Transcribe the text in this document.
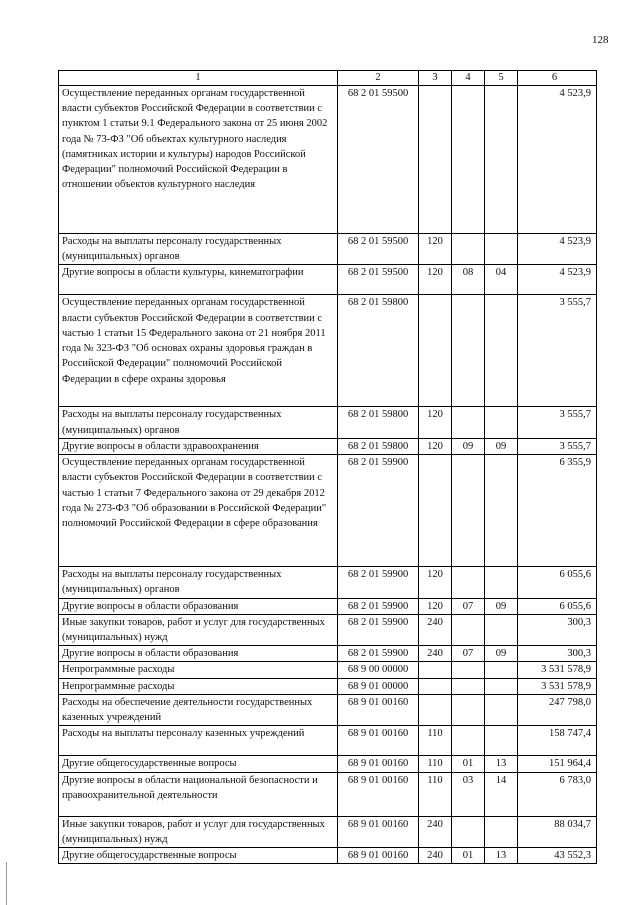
128
1	2	3	4	5	6
Осуществление переданных органам государственной власти субъектов Российской Федерации в соответствии с пунктом 1 статьи 9.1 Федерального закона от 25 июня 2002 года № 73-ФЗ "Об объектах культурного наследия (памятниках истории и культуры) народов Российской Федерации" полномочий Российской Федерации в отношении объектов культурного наследия	68 2 01 59500				4 523,9
Расходы на выплаты персоналу государственных (муниципальных) органов	68 2 01 59500	120			4 523,9
Другие вопросы в области культуры, кинематографии	68 2 01 59500	120	08	04	4 523,9
Осуществление переданных органам государственной власти субъектов Российской Федерации в соответствии с частью 1 статьи 15 Федерального закона от 21 ноября 2011 года № 323-ФЗ "Об основах охраны здоровья граждан в Российской Федерации" полномочий Российской Федерации в сфере охраны здоровья	68 2 01 59800				3 555,7
Расходы на выплаты персоналу государственных (муниципальных) органов	68 2 01 59800	120			3 555,7
Другие вопросы в области здравоохранения	68 2 01 59800	120	09	09	3 555,7
Осуществление переданных органам государственной власти субъектов Российской Федерации в соответствии с частью 1 статьи 7 Федерального закона от 29 декабря 2012 года № 273-ФЗ "Об образовании в Российской Федерации" полномочий Российской Федерации в сфере образования	68 2 01 59900				6 355,9
Расходы на выплаты персоналу государственных (муниципальных) органов	68 2 01 59900	120			6 055,6
Другие вопросы в области образования	68 2 01 59900	120	07	09	6 055,6
Иные закупки товаров, работ и услуг для государственных (муниципальных) нужд	68 2 01 59900	240			300,3
Другие вопросы в области образования	68 2 01 59900	240	07	09	300,3
Непрограммные расходы	68 9 00 00000				3 531 578,9
Непрограммные расходы	68 9 01 00000				3 531 578,9
Расходы на обеспечение деятельности государственных казенных учреждений	68 9 01 00160				247 798,0
Расходы на выплаты персоналу казенных учреждений	68 9 01 00160	110			158 747,4
Другие общегосударственные вопросы	68 9 01 00160	110	01	13	151 964,4
Другие вопросы в области национальной безопасности и правоохранительной деятельности	68 9 01 00160	110	03	14	6 783,0
Иные закупки товаров, работ и услуг для государственных (муниципальных) нужд	68 9 01 00160	240			88 034,7
Другие общегосударственные вопросы	68 9 01 00160	240	01	13	43 552,3
